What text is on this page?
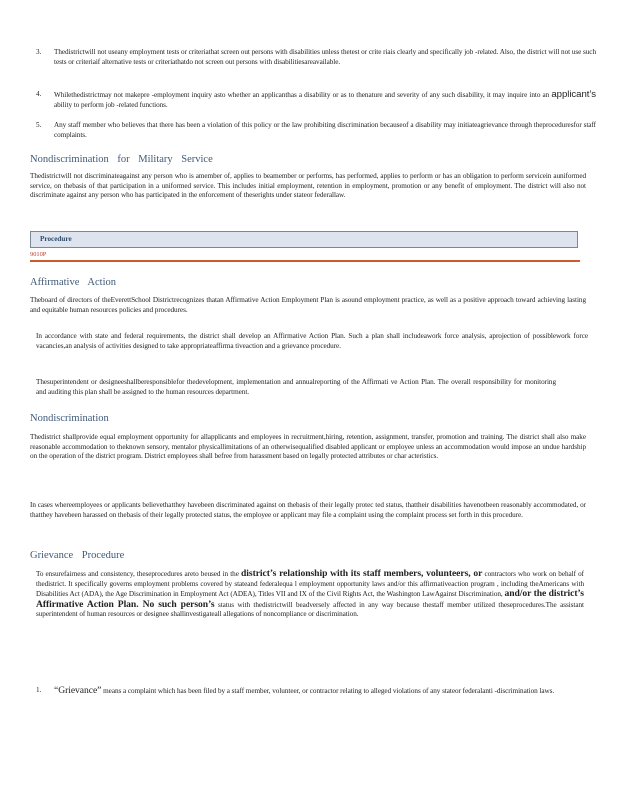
3. Thedistrictwill not useany employment tests or criteriathat screen out persons with disabilities unless thetest or crite riais clearly and specifically job -related. Also, the district will not use such tests or criteriaif alternative tests or criteriathatdo not screen out persons with disabilitiesareavailable.
4. Whilethedistrictmay not makepre -employment inquiry asto whether an applicanthas a disability or as to thenature and severity of any such disability, it may inquire into an applicant’s ability to perform job -related functions.
5. Any staff member who believes that there has been a violation of this policy or the law prohibiting discrimination becauseof a disability may initiateagrievance through theproceduresfor staff complaints.
Nondiscrimination for Military Service
Thedistrictwill not discriminateagainst any person who is amember of, applies to beamember or performs, has performed, applies to perform or has an obligation to perform servicein auniformed service, on thebasis of that participation in a uniformed service. This includes initial employment, retention in employment, promotion or any benefit of employment. The district will also not discriminate against any person who has participated in the enforcement of theserights under stateor federallaw.
Procedure
9010P
Affirmative Action
Theboard of directors of theEverettSchool Districtrecognizes thatan Affirmative Action Employment Plan is asound employment practice, as well as a positive approach toward achieving lasting and equitable human resources policies and procedures.
In accordance with state and federal requirements, the district shall develop an Affirmative Action Plan. Such a plan shall includeawork force analysis, aprojection of possiblework force vacancies,an analysis of activities designed to take appropriateaffirma tiveaction and a grievance procedure.
Thesuperintendent or designeeshallberesponsiblefor thedevelopment, implementation and annualreporting of the Affirmati ve Action Plan. The overall responsibility for monitoring and auditing this plan shall be assigned to the human resources department.
Nondiscrimination
Thedistrict shallprovide equal employment opportunity for allapplicants and employees in recruitment,hiring, retention, assignment, transfer, promotion and training. The district shall also make reasonable accommodation to theknown sensory, mentalor physicallimitations of an otherwisequalified disabled applicant or employee unless an accommodation would impose an undue hardship on the operation of the district program. District employees shall befree from harassment based on legally protected attributes or char acteristics.
In cases whereemployees or applicants believethatthey havebeen discriminated against on thebasis of their legally protec ted status, thattheir disabilities havenotbeen reasonably accommodated, or thatthey havebeen harassed on thebasis of their legally protected status, the employee or applicant may file a complaint using the complaint process set forth in this procedure.
Grievance Procedure
To ensurefairness and consistency, theseprocedures areto beused in the district’s relationship with its staff members, volunteers, or contractors who work on behalf of thedistrict. It specifically governs employment problems covered by stateand federalequa l employment opportunity laws and/or this affirmativeaction program , including theAmericans with Disabilities Act (ADA), the Age Discrimination in Employment Act (ADEA), Titles VII and IX of the Civil Rights Act, the Washington LawAgainst Discrimination, and/or the district’s Affirmative Action Plan. No such person’s status with thedistrictwill beadversely affected in any way because thestaff member utilized theseprocedures.The assistant superintendent of human resources or designee shallinvestigateall allegations of noncompliance or discrimination.
1. “Grievance” means a complaint which has been filed by a staff member, volunteer, or contractor relating to alleged violations of any stateor federalanti -discrimination laws.
